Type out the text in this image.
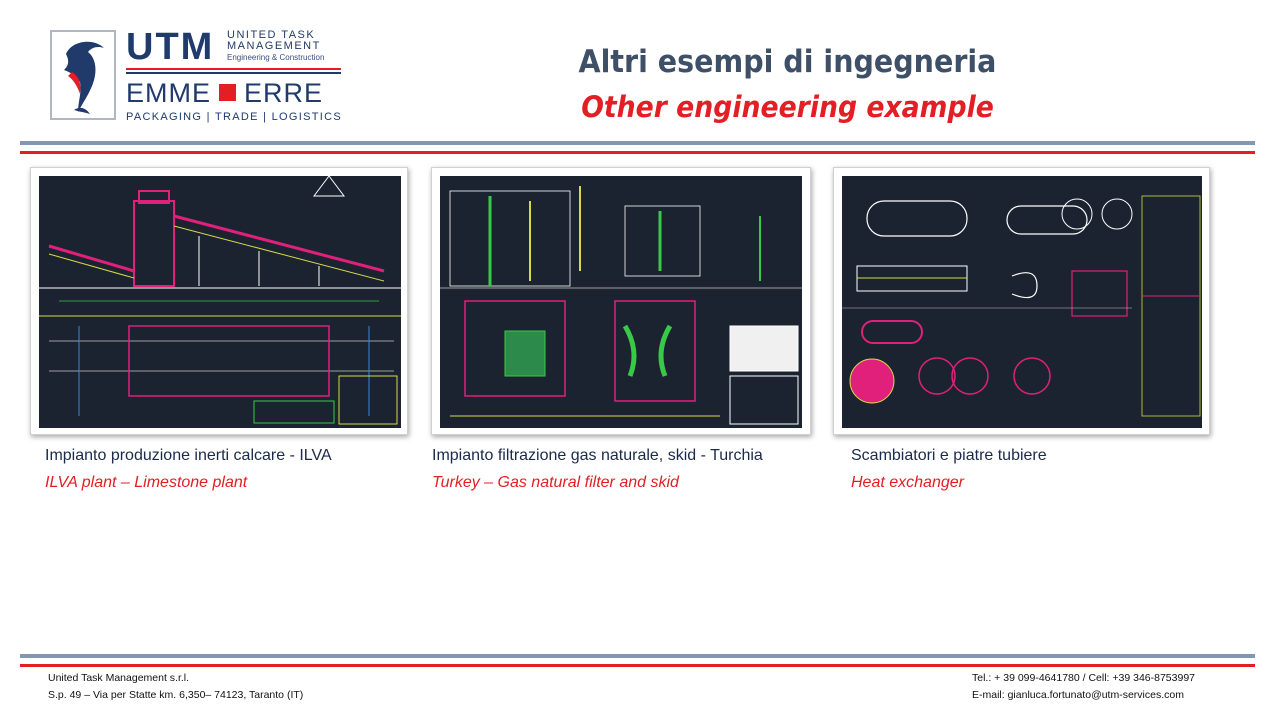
UTM UNITED TASK
MANAGEMENT
Engineering & Construction
EMME ERRE
PACKAGING | TRADE | LOGISTICS
Altri esempi di ingegneria
Other engineering example
Impianto produzione inerti calcare - ILVA
ILVA plant – Limestone plant
Impianto filtrazione gas naturale, skid - Turchia
Turkey – Gas natural filter and skid
Scambiatori e piatre tubiere
Heat exchanger
United Task Management s.r.l.
S.p. 49 – Via per Statte km. 6,350– 74123, Taranto (IT)
Tel.: + 39 099-4641780 / Cell: +39 346-8753997
E-mail: gianluca.fortunato@utm-services.com
